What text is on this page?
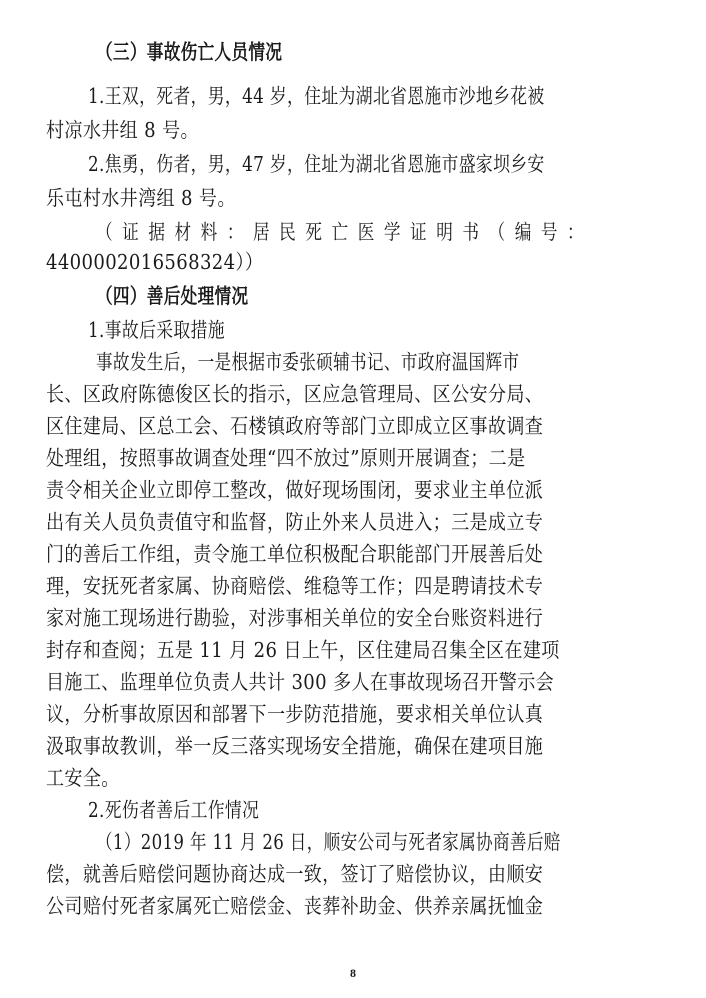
（三）事故伤亡人员情况
1.王双，死者，男，44 岁，住址为湖北省恩施市沙地乡花被
村凉水井组 8 号。
2.焦勇，伤者，男，47 岁，住址为湖北省恩施市盛家坝乡安
乐屯村水井湾组 8 号。
（证据材料：居民死亡医学证明书（编号：
4400002016568324））
（四）善后处理情况
1.事故后采取措施
事故发生后，一是根据市委张硕辅书记、市政府温国辉市
长、区政府陈德俊区长的指示，区应急管理局、区公安分局、
区住建局、区总工会、石楼镇政府等部门立即成立区事故调查
处理组，按照事故调查处理“四不放过”原则开展调查；二是
责令相关企业立即停工整改，做好现场围闭，要求业主单位派
出有关人员负责值守和监督，防止外来人员进入；三是成立专
门的善后工作组，责令施工单位积极配合职能部门开展善后处
理，安抚死者家属、协商赔偿、维稳等工作；四是聘请技术专
家对施工现场进行勘验，对涉事相关单位的安全台账资料进行
封存和查阅；五是 11 月 26 日上午，区住建局召集全区在建项
目施工、监理单位负责人共计 300 多人在事故现场召开警示会
议，分析事故原因和部署下一步防范措施，要求相关单位认真
汲取事故教训，举一反三落实现场安全措施，确保在建项目施
工安全。
2.死伤者善后工作情况
（1）2019 年 11 月 26 日，顺安公司与死者家属协商善后赔
偿，就善后赔偿问题协商达成一致，签订了赔偿协议，由顺安
公司赔付死者家属死亡赔偿金、丧葬补助金、供养亲属抚恤金
8
